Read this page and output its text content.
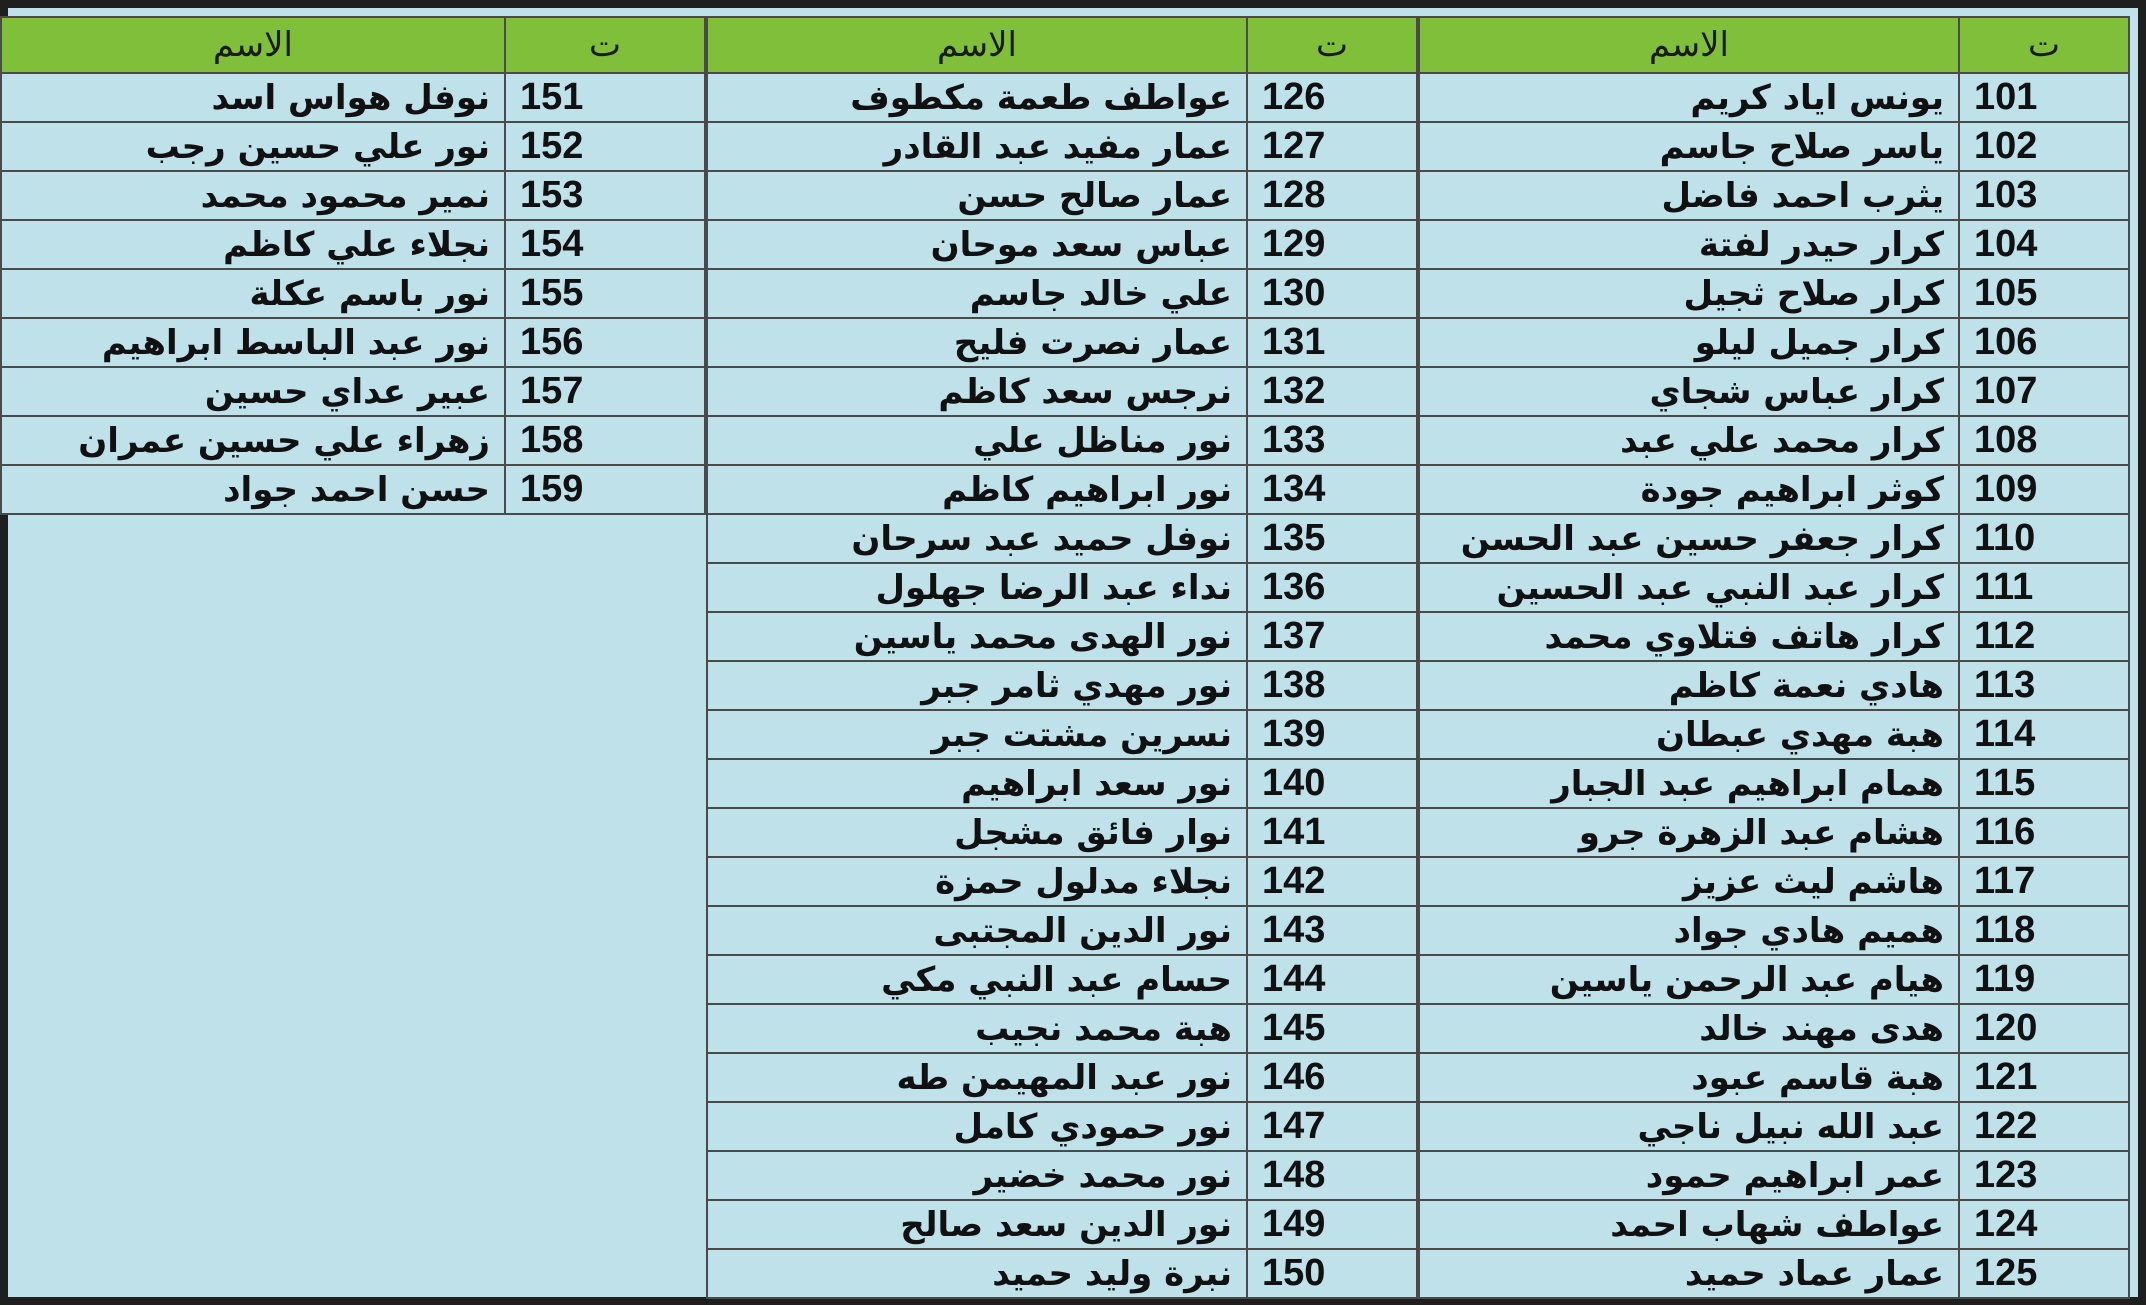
ت	الاسم
101	يونس اياد كريم
102	ياسر صلاح جاسم
103	يثرب احمد فاضل
104	كرار حيدر لفتة
105	كرار صلاح ثجيل
106	كرار جميل ليلو
107	كرار عباس شجاي
108	كرار محمد علي عبد
109	كوثر ابراهيم جودة
110	كرار جعفر حسين عبد الحسن
111	كرار عبد النبي عبد الحسين
112	كرار هاتف فتلاوي محمد
113	هادي نعمة كاظم
114	هبة مهدي عبطان
115	همام ابراهيم عبد الجبار
116	هشام عبد الزهرة جرو
117	هاشم ليث عزيز
118	هميم هادي جواد
119	هيام عبد الرحمن ياسين
120	هدى مهند خالد
121	هبة قاسم عبود
122	عبد الله نبيل ناجي
123	عمر ابراهيم حمود
124	عواطف شهاب احمد
125	عمار عماد حميد
ت	الاسم
126	عواطف طعمة مكطوف
127	عمار مفيد عبد القادر
128	عمار صالح حسن
129	عباس سعد موحان
130	علي خالد جاسم
131	عمار نصرت فليح
132	نرجس سعد كاظم
133	نور مناظل علي
134	نور ابراهيم كاظم
135	نوفل حميد عبد سرحان
136	نداء عبد الرضا جهلول
137	نور الهدى محمد ياسين
138	نور مهدي ثامر جبر
139	نسرين مشتت جبر
140	نور سعد ابراهيم
141	نوار فائق مشجل
142	نجلاء مدلول حمزة
143	نور الدين المجتبى
144	حسام عبد النبي مكي
145	هبة محمد نجيب
146	نور عبد المهيمن طه
147	نور حمودي كامل
148	نور محمد خضير
149	نور الدين سعد صالح
150	نبرة وليد حميد
ت	الاسم
151	نوفل هواس اسد
152	نور علي حسين رجب
153	نمير محمود محمد
154	نجلاء علي كاظم
155	نور باسم عكلة
156	نور عبد الباسط ابراهيم
157	عبير عداي حسين
158	زهراء علي حسين عمران
159	حسن احمد جواد
